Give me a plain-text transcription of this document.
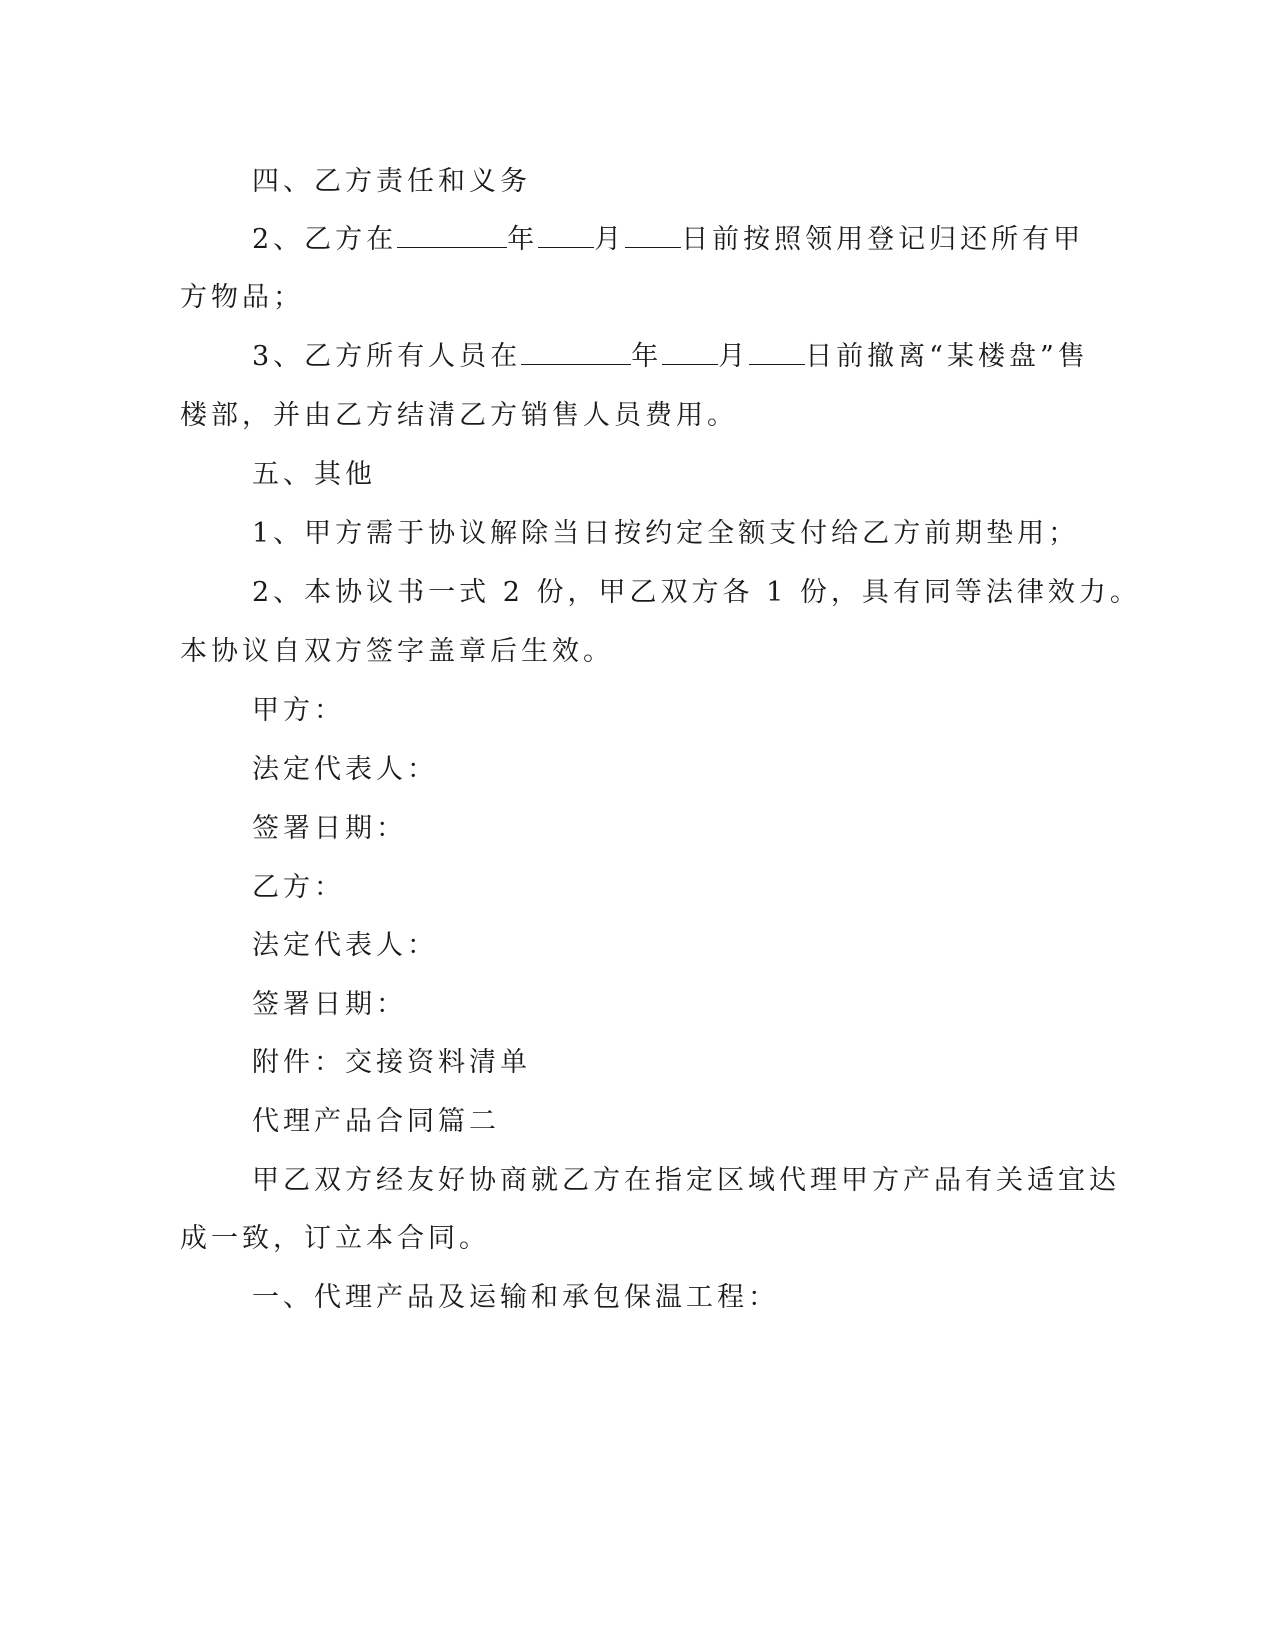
四、乙方责任和义务
2、乙方在	年 月 日前按照领用登记归还所有甲
方物品；
3、乙方所有人员在	年 月 日前撤离“某楼盘”售
楼部，并由乙方结清乙方销售人员费用。
五、其他
1、甲方需于协议解除当日按约定全额支付给乙方前期垫用；
2、本协议书一式 2 份，甲乙双方各 1 份，具有同等法律效力。
本协议自双方签字盖章后生效。
甲方：
法定代表人：
签署日期：
乙方：
法定代表人：
签署日期：
附件：交接资料清单
代理产品合同篇二
甲乙双方经友好协商就乙方在指定区域代理甲方产品有关适宜达
成一致，订立本合同。
一、代理产品及运输和承包保温工程：
